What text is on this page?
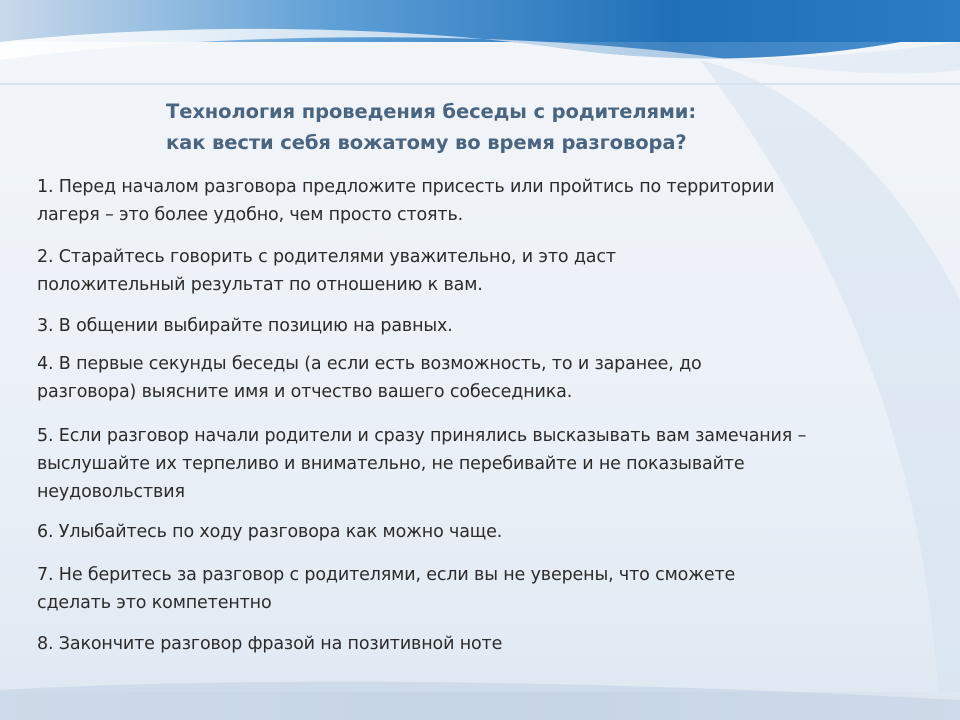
Технология проведения беседы с родителями:
как вести себя вожатому во время разговора?
1. Перед началом разговора предложите присесть или пройтись по территории
лагеря – это более удобно, чем просто стоять.
2. Старайтесь говорить с родителями уважительно, и это даст
положительный результат по отношению к вам.
3. В общении выбирайте позицию на равных.
4. В первые секунды беседы (а если есть возможность, то и заранее, до
разговора) выясните имя и отчество вашего собеседника.
5. Если разговор начали родители и сразу принялись высказывать вам замечания –
выслушайте их терпеливо и внимательно, не перебивайте и не показывайте
неудовольствия
6. Улыбайтесь по ходу разговора как можно чаще.
7. Не беритесь за разговор с родителями, если вы не уверены, что сможете
сделать это компетентно
8. Закончите разговор фразой на позитивной ноте
